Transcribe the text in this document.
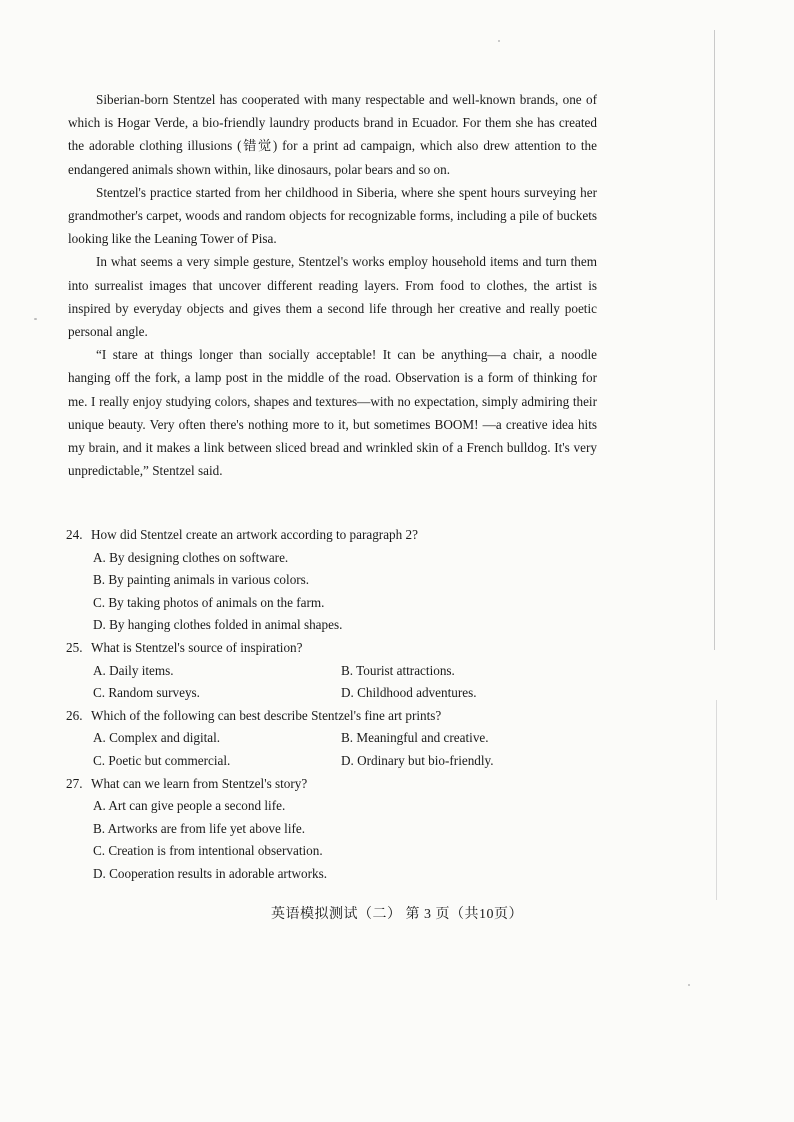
Siberian-born Stentzel has cooperated with many respectable and well-known brands, one of which is Hogar Verde, a bio-friendly laundry products brand in Ecuador. For them she has created the adorable clothing illusions (错觉) for a print ad campaign, which also drew attention to the endangered animals shown within, like dinosaurs, polar bears and so on.

Stentzel's practice started from her childhood in Siberia, where she spent hours surveying her grandmother's carpet, woods and random objects for recognizable forms, including a pile of buckets looking like the Leaning Tower of Pisa.

In what seems a very simple gesture, Stentzel's works employ household items and turn them into surrealist images that uncover different reading layers. From food to clothes, the artist is inspired by everyday objects and gives them a second life through her creative and really poetic personal angle.

“I stare at things longer than socially acceptable! It can be anything—a chair, a noodle hanging off the fork, a lamp post in the middle of the road. Observation is a form of thinking for me. I really enjoy studying colors, shapes and textures—with no expectation, simply admiring their unique beauty. Very often there's nothing more to it, but sometimes BOOM! —a creative idea hits my brain, and it makes a link between sliced bread and wrinkled skin of a French bulldog. It's very unpredictable,” Stentzel said.

24. How did Stentzel create an artwork according to paragraph 2?
A. By designing clothes on software.
B. By painting animals in various colors.
C. By taking photos of animals on the farm.
D. By hanging clothes folded in animal shapes.
25. What is Stentzel's source of inspiration?
A. Daily items.	B. Tourist attractions.
C. Random surveys.	D. Childhood adventures.
26. Which of the following can best describe Stentzel's fine art prints?
A. Complex and digital.	B. Meaningful and creative.
C. Poetic but commercial.	D. Ordinary but bio-friendly.
27. What can we learn from Stentzel's story?
A. Art can give people a second life.
B. Artworks are from life yet above life.
C. Creation is from intentional observation.
D. Cooperation results in adorable artworks.
英语模拟测试（二） 第 3 页（共10页）
